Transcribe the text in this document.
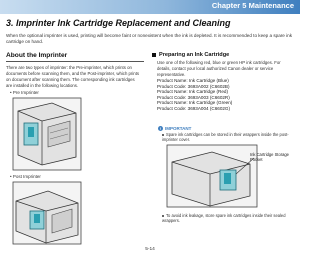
Chapter 5 Maintenance
3. Imprinter Ink Cartridge Replacement and Cleaning
When the optional imprinter is used, printing will become faint or nonexistent when the ink is depleted. It is recommended to keep a spare ink cartridge on hand.
About the Imprinter
There are two types of imprinter: the Pre-imprinter, which prints on documents before scanning them, and the Post-imprinter, which prints on document after scanning them. The corresponding ink cartridges are installed in the following locations.
• Pre Imprinter
• Post Imprinter
Preparing an Ink Cartridge
Use one of the following red, blue or green HP ink cartridges. For details, contact your local authorized Canon dealer or service representative.
Product Name: Ink Cartridge (Blue)
Product Code: 3693A002 (C6602B)
Product Name: Ink Cartridge (Red)
Product Code: 3693A003 (C6602R)
Product Name: Ink Cartridge (Green)
Product Code: 3693A004 (C6602G)
! IMPORTANT
Spare ink cartridges can be stored in their wrappers inside the post-imprinter cover.
Ink Cartridge Storage Pocket
To avoid ink leakage, store spare ink cartridges inside their sealed wrappers.
5-14
